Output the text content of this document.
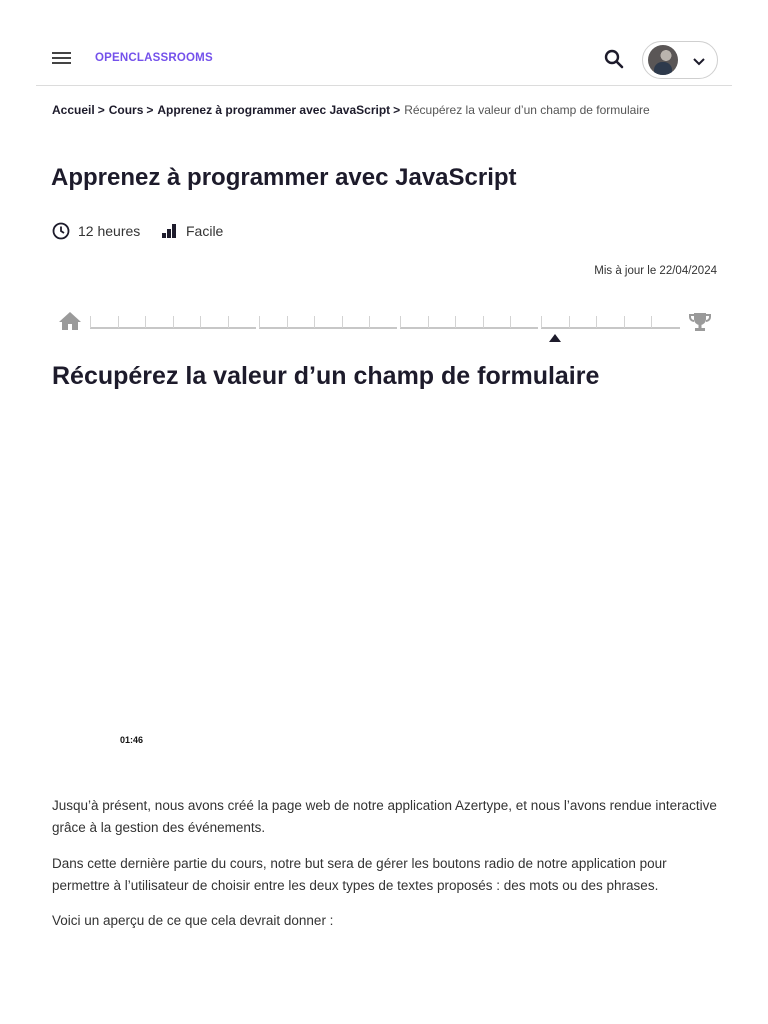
OPENCLASSROOMS
Accueil > Cours > Apprenez à programmer avec JavaScript > Récupérez la valeur d’un champ de formulaire
Apprenez à programmer avec JavaScript
12 heures	Facile
Mis à jour le 22/04/2024
Récupérez la valeur d’un champ de formulaire
01:46

Jusqu’à présent, nous avons créé la page web de notre application Azertype, et nous l’avons rendue interactive grâce à la gestion des événements.

Dans cette dernière partie du cours, notre but sera de gérer les boutons radio de notre application pour permettre à l’utilisateur de choisir entre les deux types de textes proposés : des mots ou des phrases.

Voici un aperçu de ce que cela devrait donner :
